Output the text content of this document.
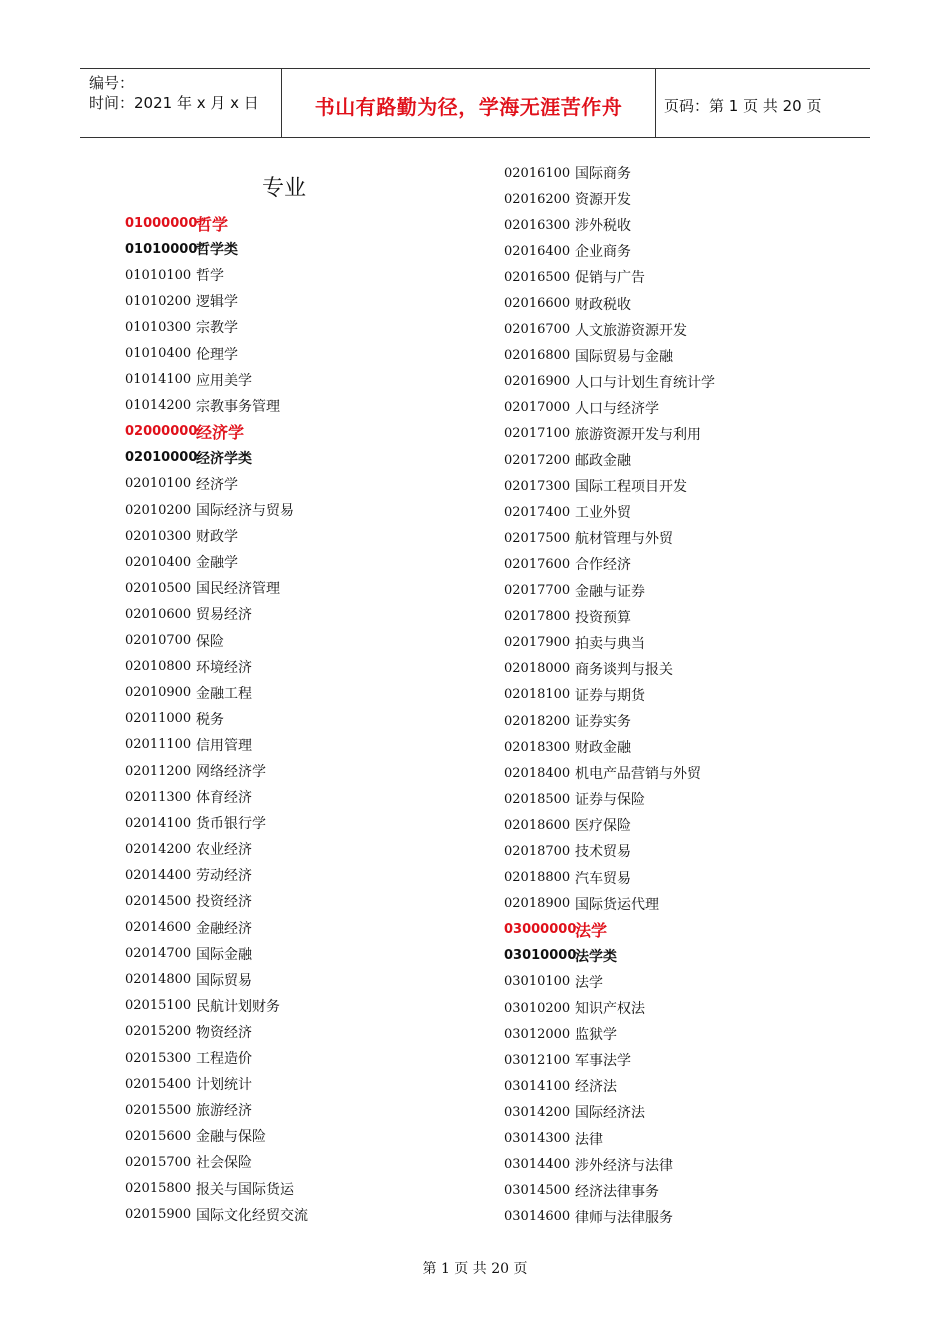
编号：
时间：2021 年 x 月 x 日	书山有路勤为径，学海无涯苦作舟	页码：第 1 页 共 20 页
专业
01000000
哲学
01010000
哲学类
01010100 哲学
01010200 逻辑学
01010300 宗教学
01010400 伦理学
01014100 应用美学
01014200 宗教事务管理
02000000
经济学
02010000
经济学类
02010100 经济学
02010200 国际经济与贸易
02010300 财政学
02010400 金融学
02010500 国民经济管理
02010600 贸易经济
02010700 保险
02010800 环境经济
02010900 金融工程
02011000 税务
02011100 信用管理
02011200 网络经济学
02011300 体育经济
02014100 货币银行学
02014200 农业经济
02014400 劳动经济
02014500 投资经济
02014600 金融经济
02014700 国际金融
02014800 国际贸易
02015100 民航计划财务
02015200 物资经济
02015300 工程造价
02015400 计划统计
02015500 旅游经济
02015600 金融与保险
02015700 社会保险
02015800 报关与国际货运
02015900 国际文化经贸交流
02016100 国际商务
02016200 资源开发
02016300 涉外税收
02016400 企业商务
02016500 促销与广告
02016600 财政税收
02016700 人文旅游资源开发
02016800 国际贸易与金融
02016900 人口与计划生育统计学
02017000 人口与经济学
02017100 旅游资源开发与利用
02017200 邮政金融
02017300 国际工程项目开发
02017400 工业外贸
02017500 航材管理与外贸
02017600 合作经济
02017700 金融与证券
02017800 投资预算
02017900 拍卖与典当
02018000 商务谈判与报关
02018100 证券与期货
02018200 证券实务
02018300 财政金融
02018400 机电产品营销与外贸
02018500 证券与保险
02018600 医疗保险
02018700 技术贸易
02018800 汽车贸易
02018900 国际货运代理
03000000
法学
03010000
法学类
03010100 法学
03010200 知识产权法
03012000 监狱学
03012100 军事法学
03014100 经济法
03014200 国际经济法
03014300 法律
03014400 涉外经济与法律
03014500 经济法律事务
03014600 律师与法律服务
第 1 页 共 20 页
